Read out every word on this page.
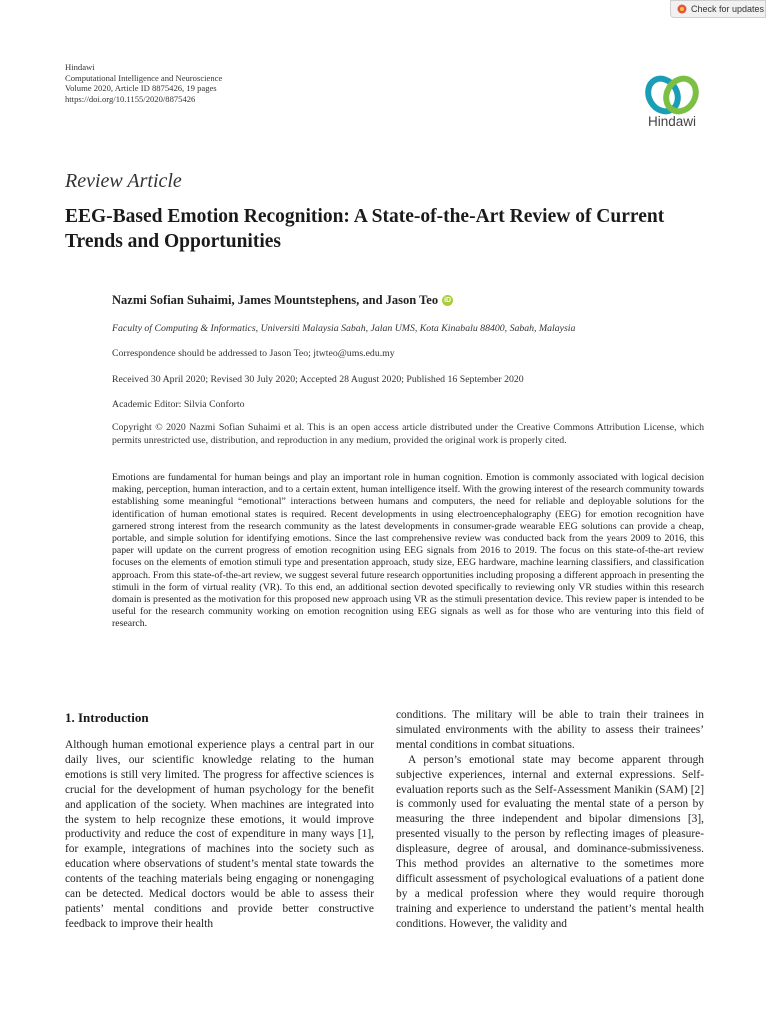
Check for updates
Hindawi
Computational Intelligence and Neuroscience
Volume 2020, Article ID 8875426, 19 pages
https://doi.org/10.1155/2020/8875426
Hindawi
Review Article
EEG-Based Emotion Recognition: A State-of-the-Art Review of Current Trends and Opportunities
Nazmi Sofian Suhaimi, James Mountstephens, and Jason Teo iD
Faculty of Computing & Informatics, Universiti Malaysia Sabah, Jalan UMS, Kota Kinabalu 88400, Sabah, Malaysia
Correspondence should be addressed to Jason Teo; jtwteo@ums.edu.my
Received 30 April 2020; Revised 30 July 2020; Accepted 28 August 2020; Published 16 September 2020
Academic Editor: Silvia Conforto
Copyright © 2020 Nazmi Sofian Suhaimi et al. This is an open access article distributed under the Creative Commons Attribution License, which permits unrestricted use, distribution, and reproduction in any medium, provided the original work is properly cited.
Emotions are fundamental for human beings and play an important role in human cognition. Emotion is commonly associated with logical decision making, perception, human interaction, and to a certain extent, human intelligence itself. With the growing interest of the research community towards establishing some meaningful “emotional” interactions between humans and computers, the need for reliable and deployable solutions for the identification of human emotional states is required. Recent developments in using electroencephalography (EEG) for emotion recognition have garnered strong interest from the research community as the latest developments in consumer-grade wearable EEG solutions can provide a cheap, portable, and simple solution for identifying emotions. Since the last comprehensive review was conducted back from the years 2009 to 2016, this paper will update on the current progress of emotion recognition using EEG signals from 2016 to 2019. The focus on this state-of-the-art review focuses on the elements of emotion stimuli type and presentation approach, study size, EEG hardware, machine learning classifiers, and classification approach. From this state-of-the-art review, we suggest several future research opportunities including proposing a different approach in presenting the stimuli in the form of virtual reality (VR). To this end, an additional section devoted specifically to reviewing only VR studies within this research domain is presented as the motivation for this proposed new approach using VR as the stimuli presentation device. This review paper is intended to be useful for the research community working on emotion recognition using EEG signals as well as for those who are venturing into this field of research.
1. Introduction
Although human emotional experience plays a central part in our daily lives, our scientific knowledge relating to the human emotions is still very limited. The progress for affective sciences is crucial for the development of human psychology for the benefit and application of the society. When machines are integrated into the system to help recognize these emotions, it would improve productivity and reduce the cost of expenditure in many ways [1], for example, integrations of machines into the society such as education where observations of student’s mental state towards the contents of the teaching materials being engaging or nonengaging can be detected. Medical doctors would be able to assess their patients’ mental conditions and provide better constructive feedback to improve their health

conditions. The military will be able to train their trainees in simulated environments with the ability to assess their trainees’ mental conditions in combat situations.

A person’s emotional state may become apparent through subjective experiences, internal and external expressions. Self-evaluation reports such as the Self-Assessment Manikin (SAM) [2] is commonly used for evaluating the mental state of a person by measuring the three independent and bipolar dimensions [3], presented visually to the person by reflecting images of pleasure-displeasure, degree of arousal, and dominance-submissiveness. This method provides an alternative to the sometimes more difficult assessment of psychological evaluations of a patient done by a medical profession where they would require thorough training and experience to understand the patient’s mental health conditions. However, the validity and
